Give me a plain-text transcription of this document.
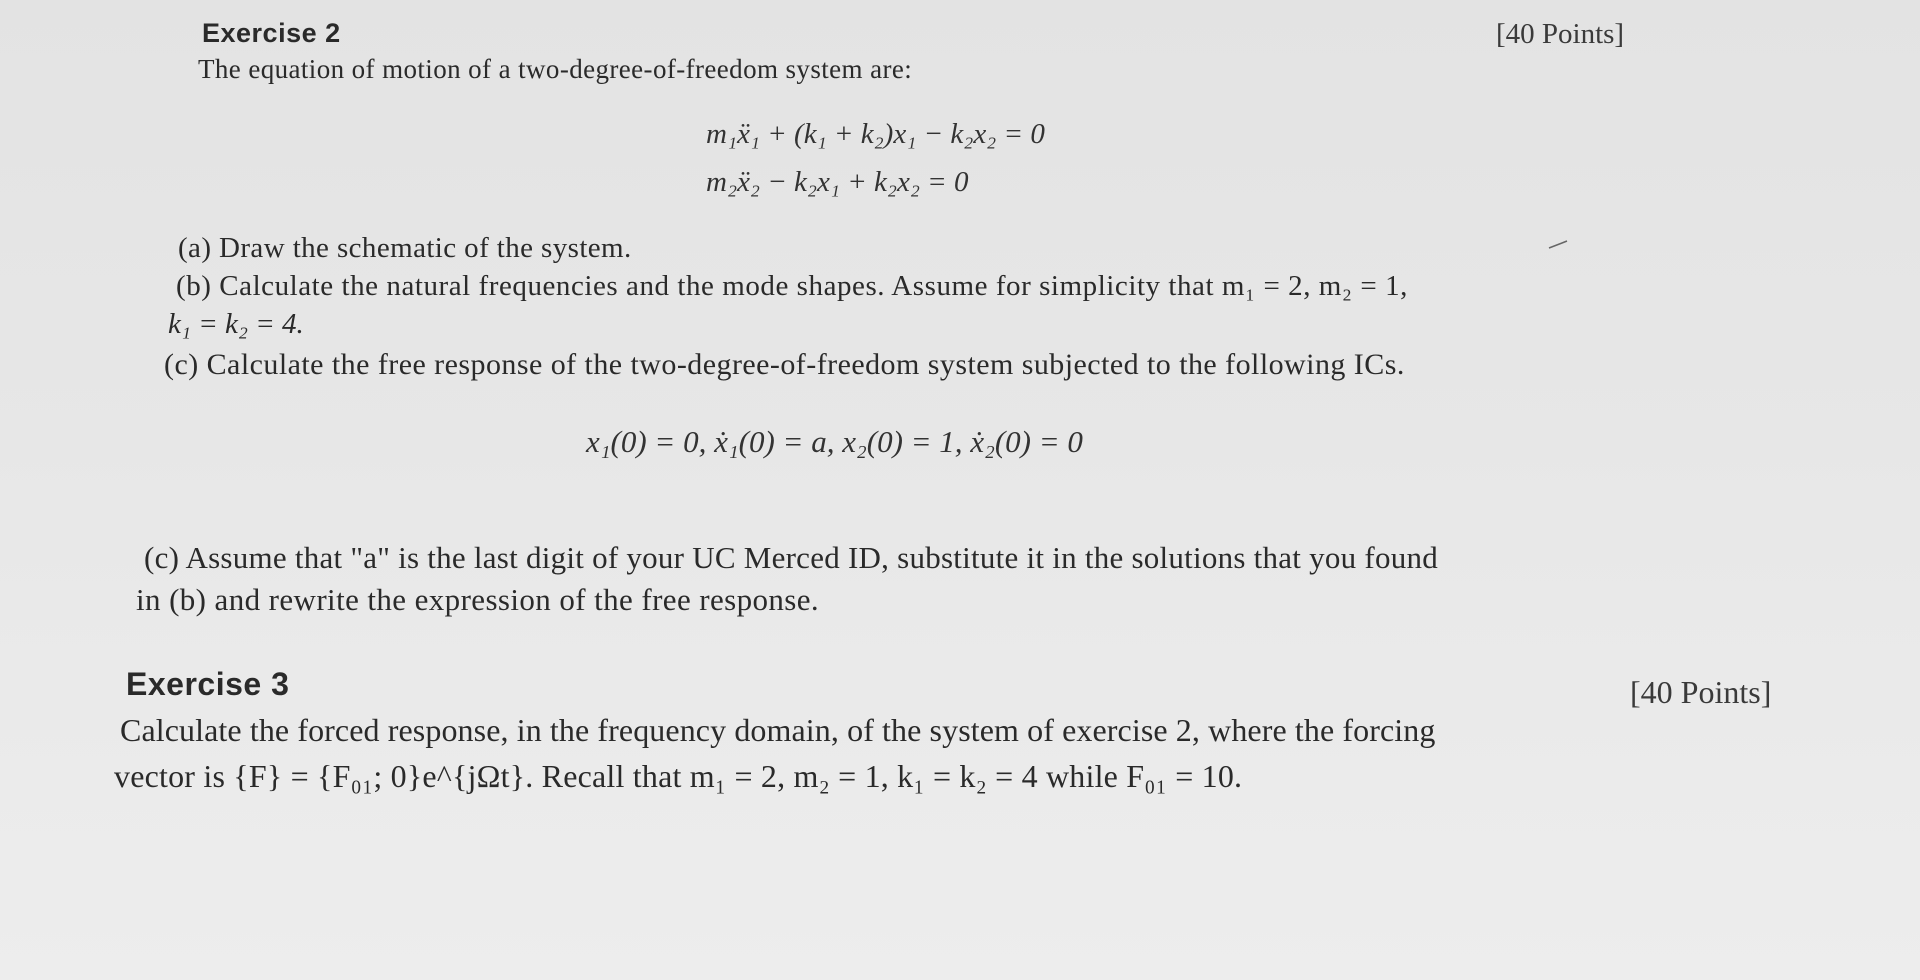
Exercise 2	[40 Points]
The equation of motion of a two-degree-of-freedom system are:
m₁ẍ₁ + (k₁ + k₂)x₁ − k₂x₂ = 0
m₂ẍ₂ − k₂x₁ + k₂x₂ = 0
(a) Draw the schematic of the system.
(b) Calculate the natural frequencies and the mode shapes. Assume for simplicity that m₁ = 2, m₂ = 1,
k₁ = k₂ = 4.
(c) Calculate the free response of the two-degree-of-freedom system subjected to the following ICs.
x₁(0) = 0, ẋ₁(0) = a, x₂(0) = 1, ẋ₂(0) = 0
(c) Assume that "a" is the last digit of your UC Merced ID, substitute it in the solutions that you found
in (b) and rewrite the expression of the free response.
Exercise 3	[40 Points]
Calculate the forced response, in the frequency domain, of the system of exercise 2, where the forcing
vector is {F} = {F₀₁; 0}e^{jΩt}. Recall that m₁ = 2, m₂ = 1, k₁ = k₂ = 4 while F₀₁ = 10.
